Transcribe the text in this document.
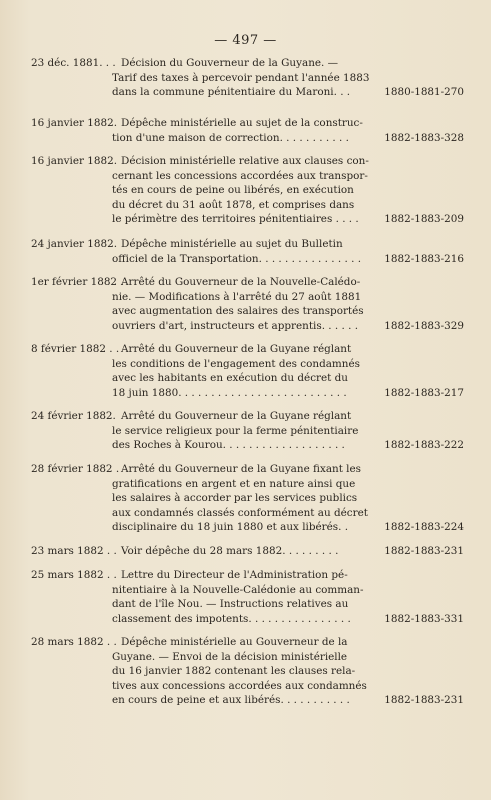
— 497 —
23 déc. 1881. . . Décision du Gouverneur de la Guyane. —
Tarif des taxes à percevoir pendant l'année 1883
dans la commune pénitentiaire du Maroni. . .	1880-1881-270
16 janvier 1882. Dépêche ministérielle au sujet de la construc-
tion d'une maison de correction. . . . . . . . . . .	1882-1883-328
16 janvier 1882. Décision ministérielle relative aux clauses con-
cernant les concessions accordées aux transpor-
tés en cours de peine ou libérés, en exécution
du décret du 31 août 1878, et comprises dans
le périmètre des territoires pénitentiaires . . . . 1882-1883-209
24 janvier 1882. Dépêche ministérielle au sujet du Bulletin
officiel de la Transportation. . . . . . . . . . . . . . . . 1882-1883-216
1er février 1882 .
Arrêté du Gouverneur de la Nouvelle-Calédo-
nie. — Modifications à l'arrêté du 27 août 1881
avec augmentation des salaires des transportés
ouvriers d'art, instructeurs et apprentis. . . . . .	1882-1883-329
8 février 1882 . . Arrêté du Gouverneur de la Guyane réglant
les conditions de l'engagement des condamnés
avec les habitants en exécution du décret du
18 juin 1880. . . . . . . . . . . . . . . . . . . . . . . . . .	1882-1883-217
24 février 1882. Arrêté du Gouverneur de la Guyane réglant
le service religieux pour la ferme pénitentiaire
des Roches à Kourou. . . . . . . . . . . . . . . . . . .	1882-1883-222
28 février 1882 . Arrêté du Gouverneur de la Guyane fixant les
gratifications en argent et en nature ainsi que
les salaires à accorder par les services publics
aux condamnés classés conformément au décret
disciplinaire du 18 juin 1880 et aux libérés. .	1882-1883-224
23 mars 1882 . . Voir dépêche du 28 mars 1882. . . . . . . . .	1882-1883-231
25 mars 1882 . . Lettre du Directeur de l'Administration pé-
nitentiaire à la Nouvelle-Calédonie au comman-
dant de l'île Nou. — Instructions relatives au
classement des impotents. . . . . . . . . . . . . . . .	1882-1883-331
28 mars 1882 . . Dépêche ministérielle au Gouverneur de la
Guyane. — Envoi de la décision ministérielle
du 16 janvier 1882 contenant les clauses rela-
tives aux concessions accordées aux condamnés
en cours de peine et aux libérés. . . . . . . . . . .	1882-1883-231
